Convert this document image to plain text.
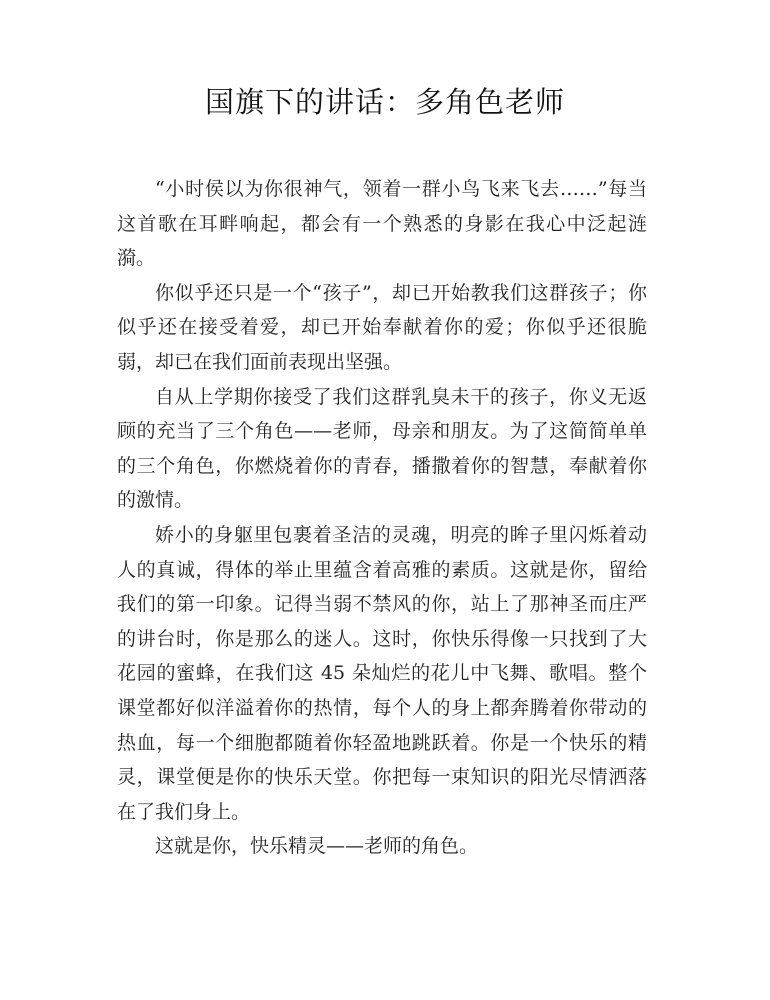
国旗下的讲话：多角色老师

“小时侯以为你很神气，领着一群小鸟飞来飞去……”每当这首歌在耳畔响起，都会有一个熟悉的身影在我心中泛起涟漪。

你似乎还只是一个“孩子”，却已开始教我们这群孩子；你似乎还在接受着爱，却已开始奉献着你的爱；你似乎还很脆弱，却已在我们面前表现出坚强。

自从上学期你接受了我们这群乳臭未干的孩子，你义无返顾的充当了三个角色——老师，母亲和朋友。为了这简简单单的三个角色，你燃烧着你的青春，播撒着你的智慧，奉献着你的激情。

娇小的身躯里包裹着圣洁的灵魂，明亮的眸子里闪烁着动人的真诚，得体的举止里蕴含着高雅的素质。这就是你，留给我们的第一印象。记得当弱不禁风的你，站上了那神圣而庄严的讲台时，你是那么的迷人。这时，你快乐得像一只找到了大花园的蜜蜂，在我们这 45 朵灿烂的花儿中飞舞、歌唱。整个课堂都好似洋溢着你的热情，每个人的身上都奔腾着你带动的热血，每一个细胞都随着你轻盈地跳跃着。你是一个快乐的精灵，课堂便是你的快乐天堂。你把每一束知识的阳光尽情洒落在了我们身上。

这就是你，快乐精灵——老师的角色。
